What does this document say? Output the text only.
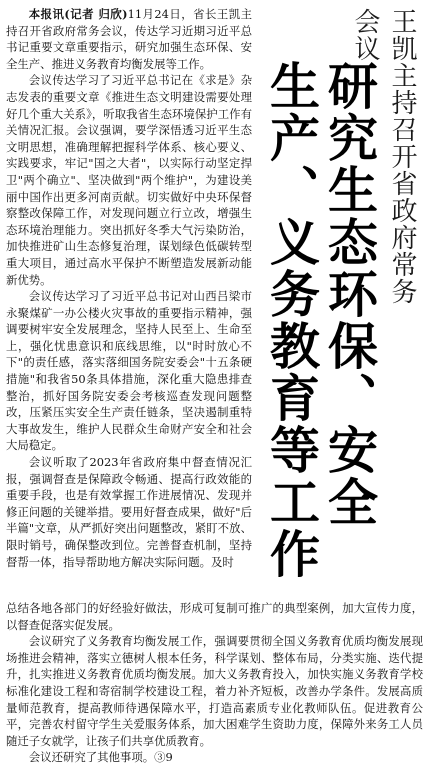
王凯主持召开省政府常务会议
研究生态环保、安全
生产、义务教育等工作

本报讯(记者 归欣)11月24日，省长王凯主持召开省政府常务会议，传达学习近期习近平总书记重要文章重要指示，研究加强生态环保、安全生产、推进义务教育均衡发展等工作。

会议传达学习了习近平总书记在《求是》杂志发表的重要文章《推进生态文明建设需要处理好几个重大关系》，听取我省生态环境保护工作有关情况汇报。会议强调，要学深悟透习近平生态文明思想，准确理解把握科学体系、核心要义、实践要求，牢记"国之大者"，以实际行动坚定捍卫"两个确立"、坚决做到"两个维护"，为建设美丽中国作出更多河南贡献。切实做好中央环保督察整改保障工作，对发现问题立行立改，增强生态环境治理能力。突出抓好冬季大气污染防治，加快推进矿山生态修复治理，谋划绿色低碳转型重大项目，通过高水平保护不断塑造发展新动能新优势。

会议传达学习了习近平总书记对山西吕梁市永聚煤矿一办公楼火灾事故的重要指示精神，强调要树牢安全发展理念，坚持人民至上、生命至上，强化忧患意识和底线思维，以"时时放心不下"的责任感，落实落细国务院安委会"十五条硬措施"和我省50条具体措施，深化重大隐患排查整治，抓好国务院安委会考核巡查发现问题整改，压紧压实安全生产责任链条，坚决遏制重特大事故发生，维护人民群众生命财产安全和社会大局稳定。

会议听取了2023年省政府集中督查情况汇报，强调督查是保障政令畅通、提高行政效能的重要手段，也是有效掌握工作进展情况、发现并修正问题的关键举措。要用好督查成果，做好"后半篇"文章，从严抓好突出问题整改，紧盯不放、限时销号，确保整改到位。完善督查机制，坚持督帮一体，指导帮助地方解决实际问题。及时

总结各地各部门的好经验好做法，形成可复制可推广的典型案例，加大宣传力度，以督查促落实促发展。

会议研究了义务教育均衡发展工作，强调要贯彻全国义务教育优质均衡发展现场推进会精神，落实立德树人根本任务，科学谋划、整体布局，分类实施、迭代提升，扎实推进义务教育优质均衡发展。加大义务教育投入，加快实施义务教育学校标准化建设工程和寄宿制学校建设工程，着力补齐短板，改善办学条件。发展高质量师范教育，提高教师待遇保障水平，打造高素质专业化教师队伍。促进教育公平，完善农村留守学生关爱服务体系，加大困难学生资助力度，保障外来务工人员随迁子女就学，让孩子们共享优质教育。

会议还研究了其他事项。③9
